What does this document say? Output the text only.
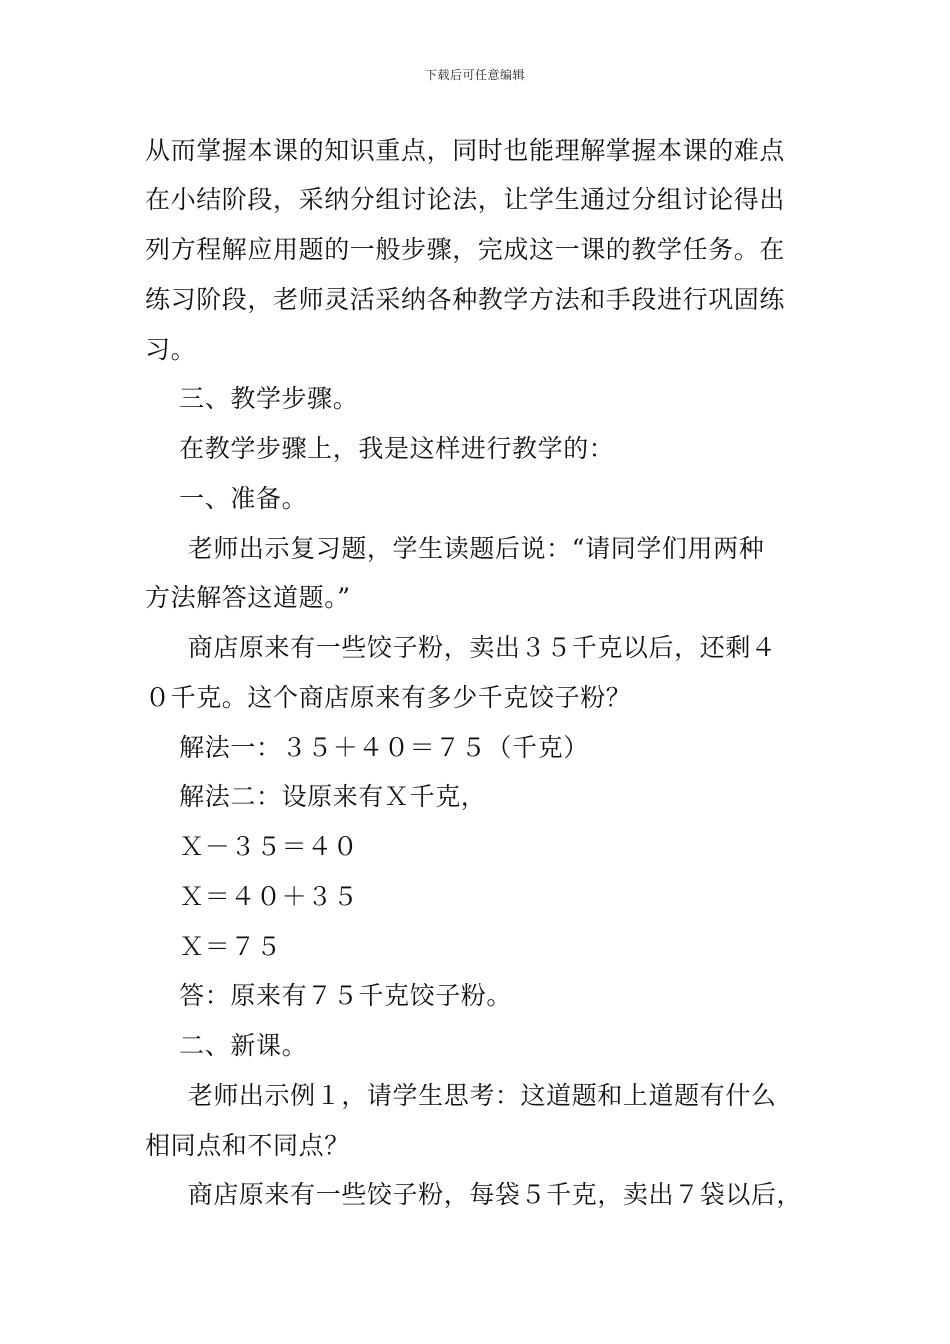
下载后可任意编辑
从而掌握本课的知识重点，同时也能理解掌握本课的难点
在小结阶段，采纳分组讨论法，让学生通过分组讨论得出
列方程解应用题的一般步骤，完成这一课的教学任务。在
练习阶段，老师灵活采纳各种教学方法和手段进行巩固练
习。
三、教学步骤。
在教学步骤上，我是这样进行教学的：
一、准备。
老师出示复习题，学生读题后说：“请同学们用两种
方法解答这道题。”
商店原来有一些饺子粉，卖出３５千克以后，还剩４
０千克。这个商店原来有多少千克饺子粉？
解法一：３５＋４０＝７５（千克）
解法二：设原来有Ｘ千克，
Ｘ－３５＝４０
Ｘ＝４０＋３５
Ｘ＝７５
答：原来有７５千克饺子粉。
二、新课。
老师出示例１，请学生思考：这道题和上道题有什么
相同点和不同点？
商店原来有一些饺子粉，每袋５千克，卖出７袋以后，
